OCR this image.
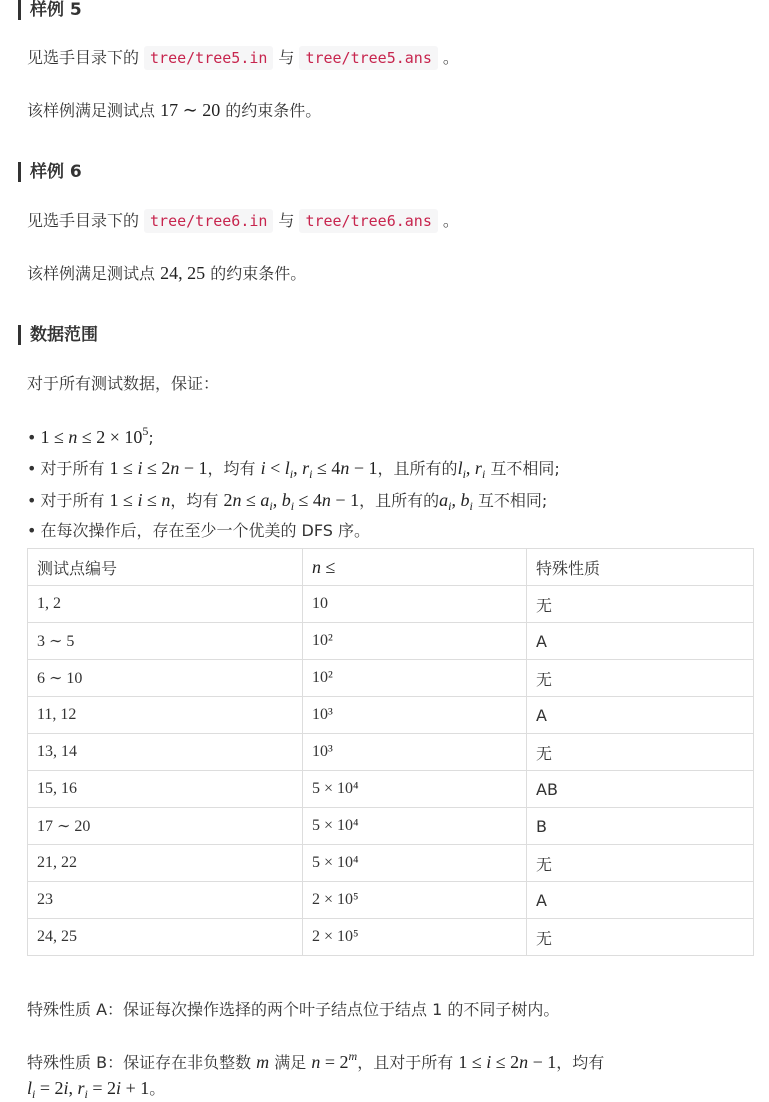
样例 5
见选手目录下的 tree/tree5.in 与 tree/tree5.ans 。
该样例满足测试点 17 ∼ 20 的约束条件。
样例 6
见选手目录下的 tree/tree6.in 与 tree/tree6.ans 。
该样例满足测试点 24, 25 的约束条件。
数据范围
对于所有测试数据，保证：
• $1 \le n \le 2 \times 10^5$;
• 对于所有 1 ≤ i ≤ 2n − 1，均有 $i < l_i$, $r_i \le 4n - 1$，且所有的$l_i$, $r_i$ 互不相同;
• 对于所有 1 ≤ i ≤ n，均有 $2n \le a_i$, $b_i \le 4n - 1$，且所有的$a_i$, $b_i$ 互不相同;
• 在每次操作后，存在至少一个优美的 DFS 序。
测试点编号	n ≤	特殊性质
1, 2	10	无
3 ∼ 5	10²	A
6 ∼ 10	10²	无
11, 12	10³	A
13, 14	10³	无
15, 16	5 × 10⁴	AB
17 ∼ 20	5 × 10⁴	B
21, 22	5 × 10⁴	无
23	2 × 10⁵	A
24, 25	2 × 10⁵	无
特殊性质 A：保证每次操作选择的两个叶子结点位于结点 1 的不同子树内。
特殊性质 B：保证存在非负整数 m 满足 $n = 2^m$，且对于所有 1 ≤ i ≤ 2n − 1，均有
$l_i = 2i$, $r_i = 2i + 1$。
